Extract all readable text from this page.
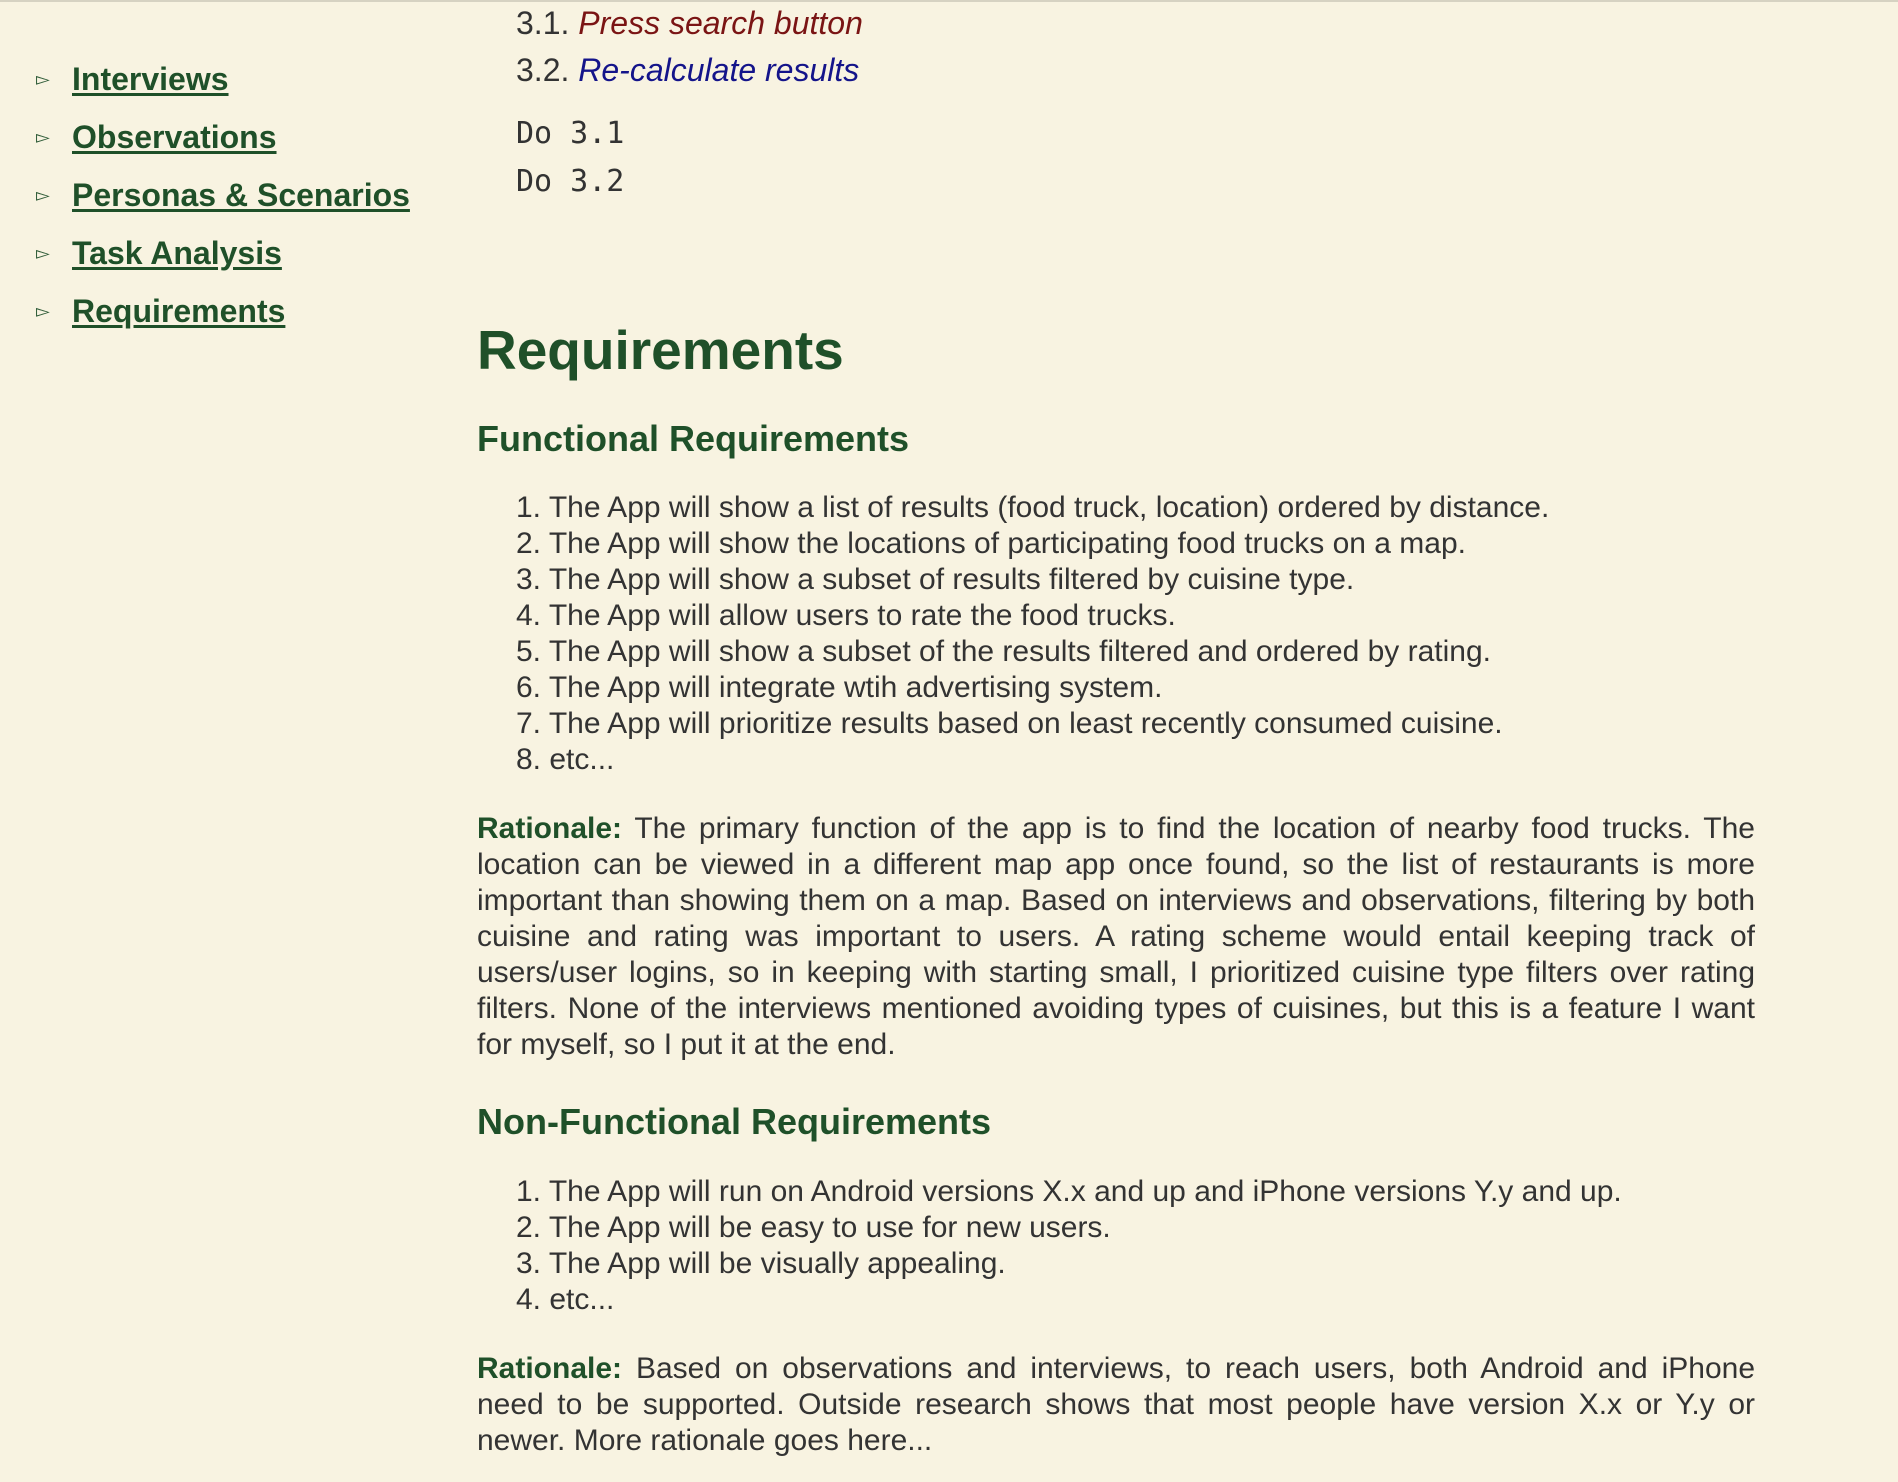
▻ Interviews
▻ Observations
▻ Personas & Scenarios
▻ Task Analysis
▻ Requirements
3.1. Press search button
3.2. Re-calculate results
Do 3.1
Do 3.2
Requirements
Functional Requirements
1. The App will show a list of results (food truck, location) ordered by distance.
2. The App will show the locations of participating food trucks on a map.
3. The App will show a subset of results filtered by cuisine type.
4. The App will allow users to rate the food trucks.
5. The App will show a subset of the results filtered and ordered by rating.
6. The App will integrate wtih advertising system.
7. The App will prioritize results based on least recently consumed cuisine.
8. etc...

Rationale: The primary function of the app is to find the location of nearby food trucks. The location can be viewed in a different map app once found, so the list of restaurants is more important than showing them on a map. Based on interviews and observations, filtering by both cuisine and rating was important to users. A rating scheme would entail keeping track of users/user logins, so in keeping with starting small, I prioritized cuisine type filters over rating filters. None of the interviews mentioned avoiding types of cuisines, but this is a feature I want for myself, so I put it at the end.

Non-Functional Requirements
1. The App will run on Android versions X.x and up and iPhone versions Y.y and up.
2. The App will be easy to use for new users.
3. The App will be visually appealing.
4. etc...

Rationale: Based on observations and interviews, to reach users, both Android and iPhone need to be supported. Outside research shows that most people have version X.x or Y.y or newer. More rationale goes here...
